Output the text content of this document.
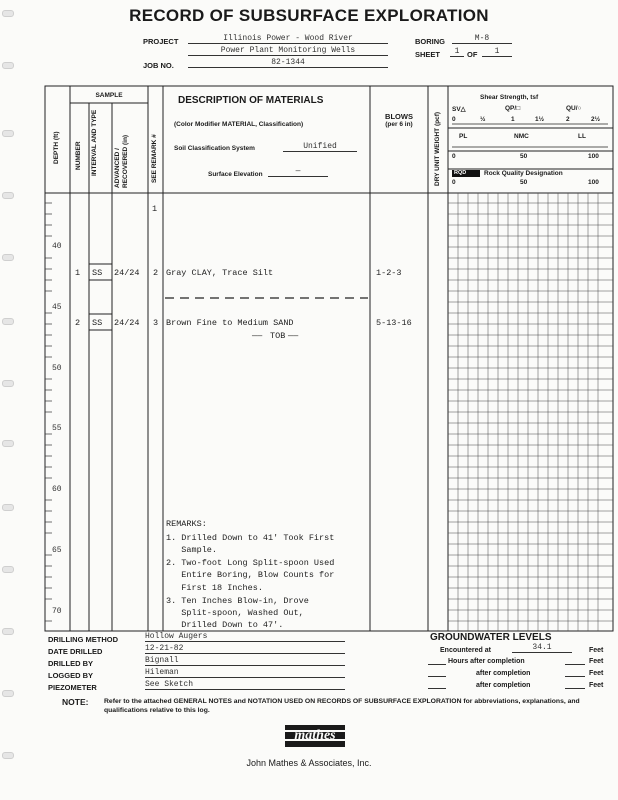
RECORD OF SUBSURFACE EXPLORATION
PROJECT	Illinois Power - Wood River
Power Plant Monitoring Wells
JOB NO.	82-1344
BORING	M-8
SHEET	1	OF	1
SAMPLE
DEPTH (ft) NUMBER INTERVAL AND TYPE ADVANCED / RECOVERED (in)	SEE REMARK #
DESCRIPTION OF MATERIALS
(Color Modifier MATERIAL, Classification)
Soil Classification System	Unified
Surface Elevation	—
BLOWS
(per 6 in)	DRY UNIT WEIGHT (pcf)
Shear Strength, tsf
SV△	QP/□	QU/○
0	½	1	1½	2	2½
PL	NMC	LL
0	50	100
RQD	Rock Quality Designation
0	50	100
40
45
50
55
60
65
70
1
1 SS 24/24 2 Gray CLAY, Trace Silt	1-2-3
2 SS 24/24 3 Brown Fine to Medium SAND	5-13-16
—— TOB ——
REMARKS:
1. Drilled Down to 41' Took First
Sample.
2. Two-foot Long Split-spoon Used
Entire Boring, Blow Counts for
First 18 Inches.
3. Ten Inches Blow-in, Drove
Split-spoon, Washed Out,
Drilled Down to 47'.
DRILLING METHOD	Hollow Augers
DATE DRILLED	12-21-82
DRILLED BY	Bignall
LOGGED BY	Hileman
PIEZOMETER	See Sketch
GROUNDWATER LEVELS
Encountered at	34.1	Feet
Hours after completion	Feet
after completion	Feet
after completion	Feet
NOTE: Refer to the attached GENERAL NOTES and NOTATION USED ON RECORDS OF SUBSURFACE EXPLORATION for abbreviations, explanations, and qualifications relative to this log.
mathes
John Mathes & Associates, Inc.
